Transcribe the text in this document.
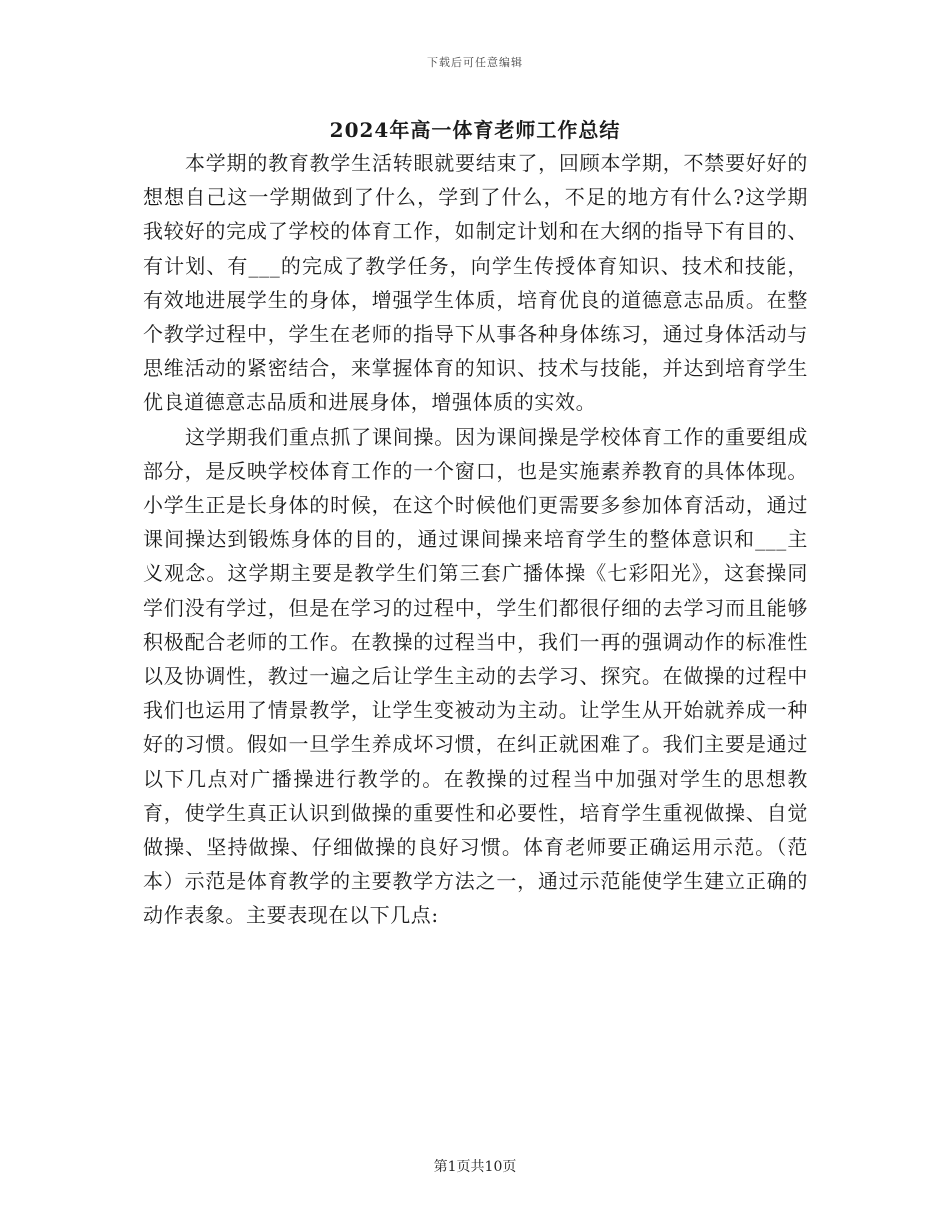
下载后可任意编辑
2024年高一体育老师工作总结

本学期的教育教学生活转眼就要结束了，回顾本学期，不禁要好好的想想自己这一学期做到了什么，学到了什么，不足的地方有什么?这学期我较好的完成了学校的体育工作，如制定计划和在大纲的指导下有目的、有计划、有___的完成了教学任务，向学生传授体育知识、技术和技能，有效地进展学生的身体，增强学生体质，培育优良的道德意志品质。在整个教学过程中，学生在老师的指导下从事各种身体练习，通过身体活动与思维活动的紧密结合，来掌握体育的知识、技术与技能，并达到培育学生优良道德意志品质和进展身体，增强体质的实效。

这学期我们重点抓了课间操。因为课间操是学校体育工作的重要组成部分，是反映学校体育工作的一个窗口，也是实施素养教育的具体体现。小学生正是长身体的时候，在这个时候他们更需要多参加体育活动，通过课间操达到锻炼身体的目的，通过课间操来培育学生的整体意识和___主义观念。这学期主要是教学生们第三套广播体操《七彩阳光》，这套操同学们没有学过，但是在学习的过程中，学生们都很仔细的去学习而且能够积极配合老师的工作。在教操的过程当中，我们一再的强调动作的标准性以及协调性，教过一遍之后让学生主动的去学习、探究。在做操的过程中我们也运用了情景教学，让学生变被动为主动。让学生从开始就养成一种好的习惯。假如一旦学生养成坏习惯，在纠正就困难了。我们主要是通过以下几点对广播操进行教学的。在教操的过程当中加强对学生的思想教育，使学生真正认识到做操的重要性和必要性，培育学生重视做操、自觉做操、坚持做操、仔细做操的良好习惯。体育老师要正确运用示范。（范本）示范是体育教学的主要教学方法之一，通过示范能使学生建立正确的动作表象。主要表现在以下几点:

第1页共10页
